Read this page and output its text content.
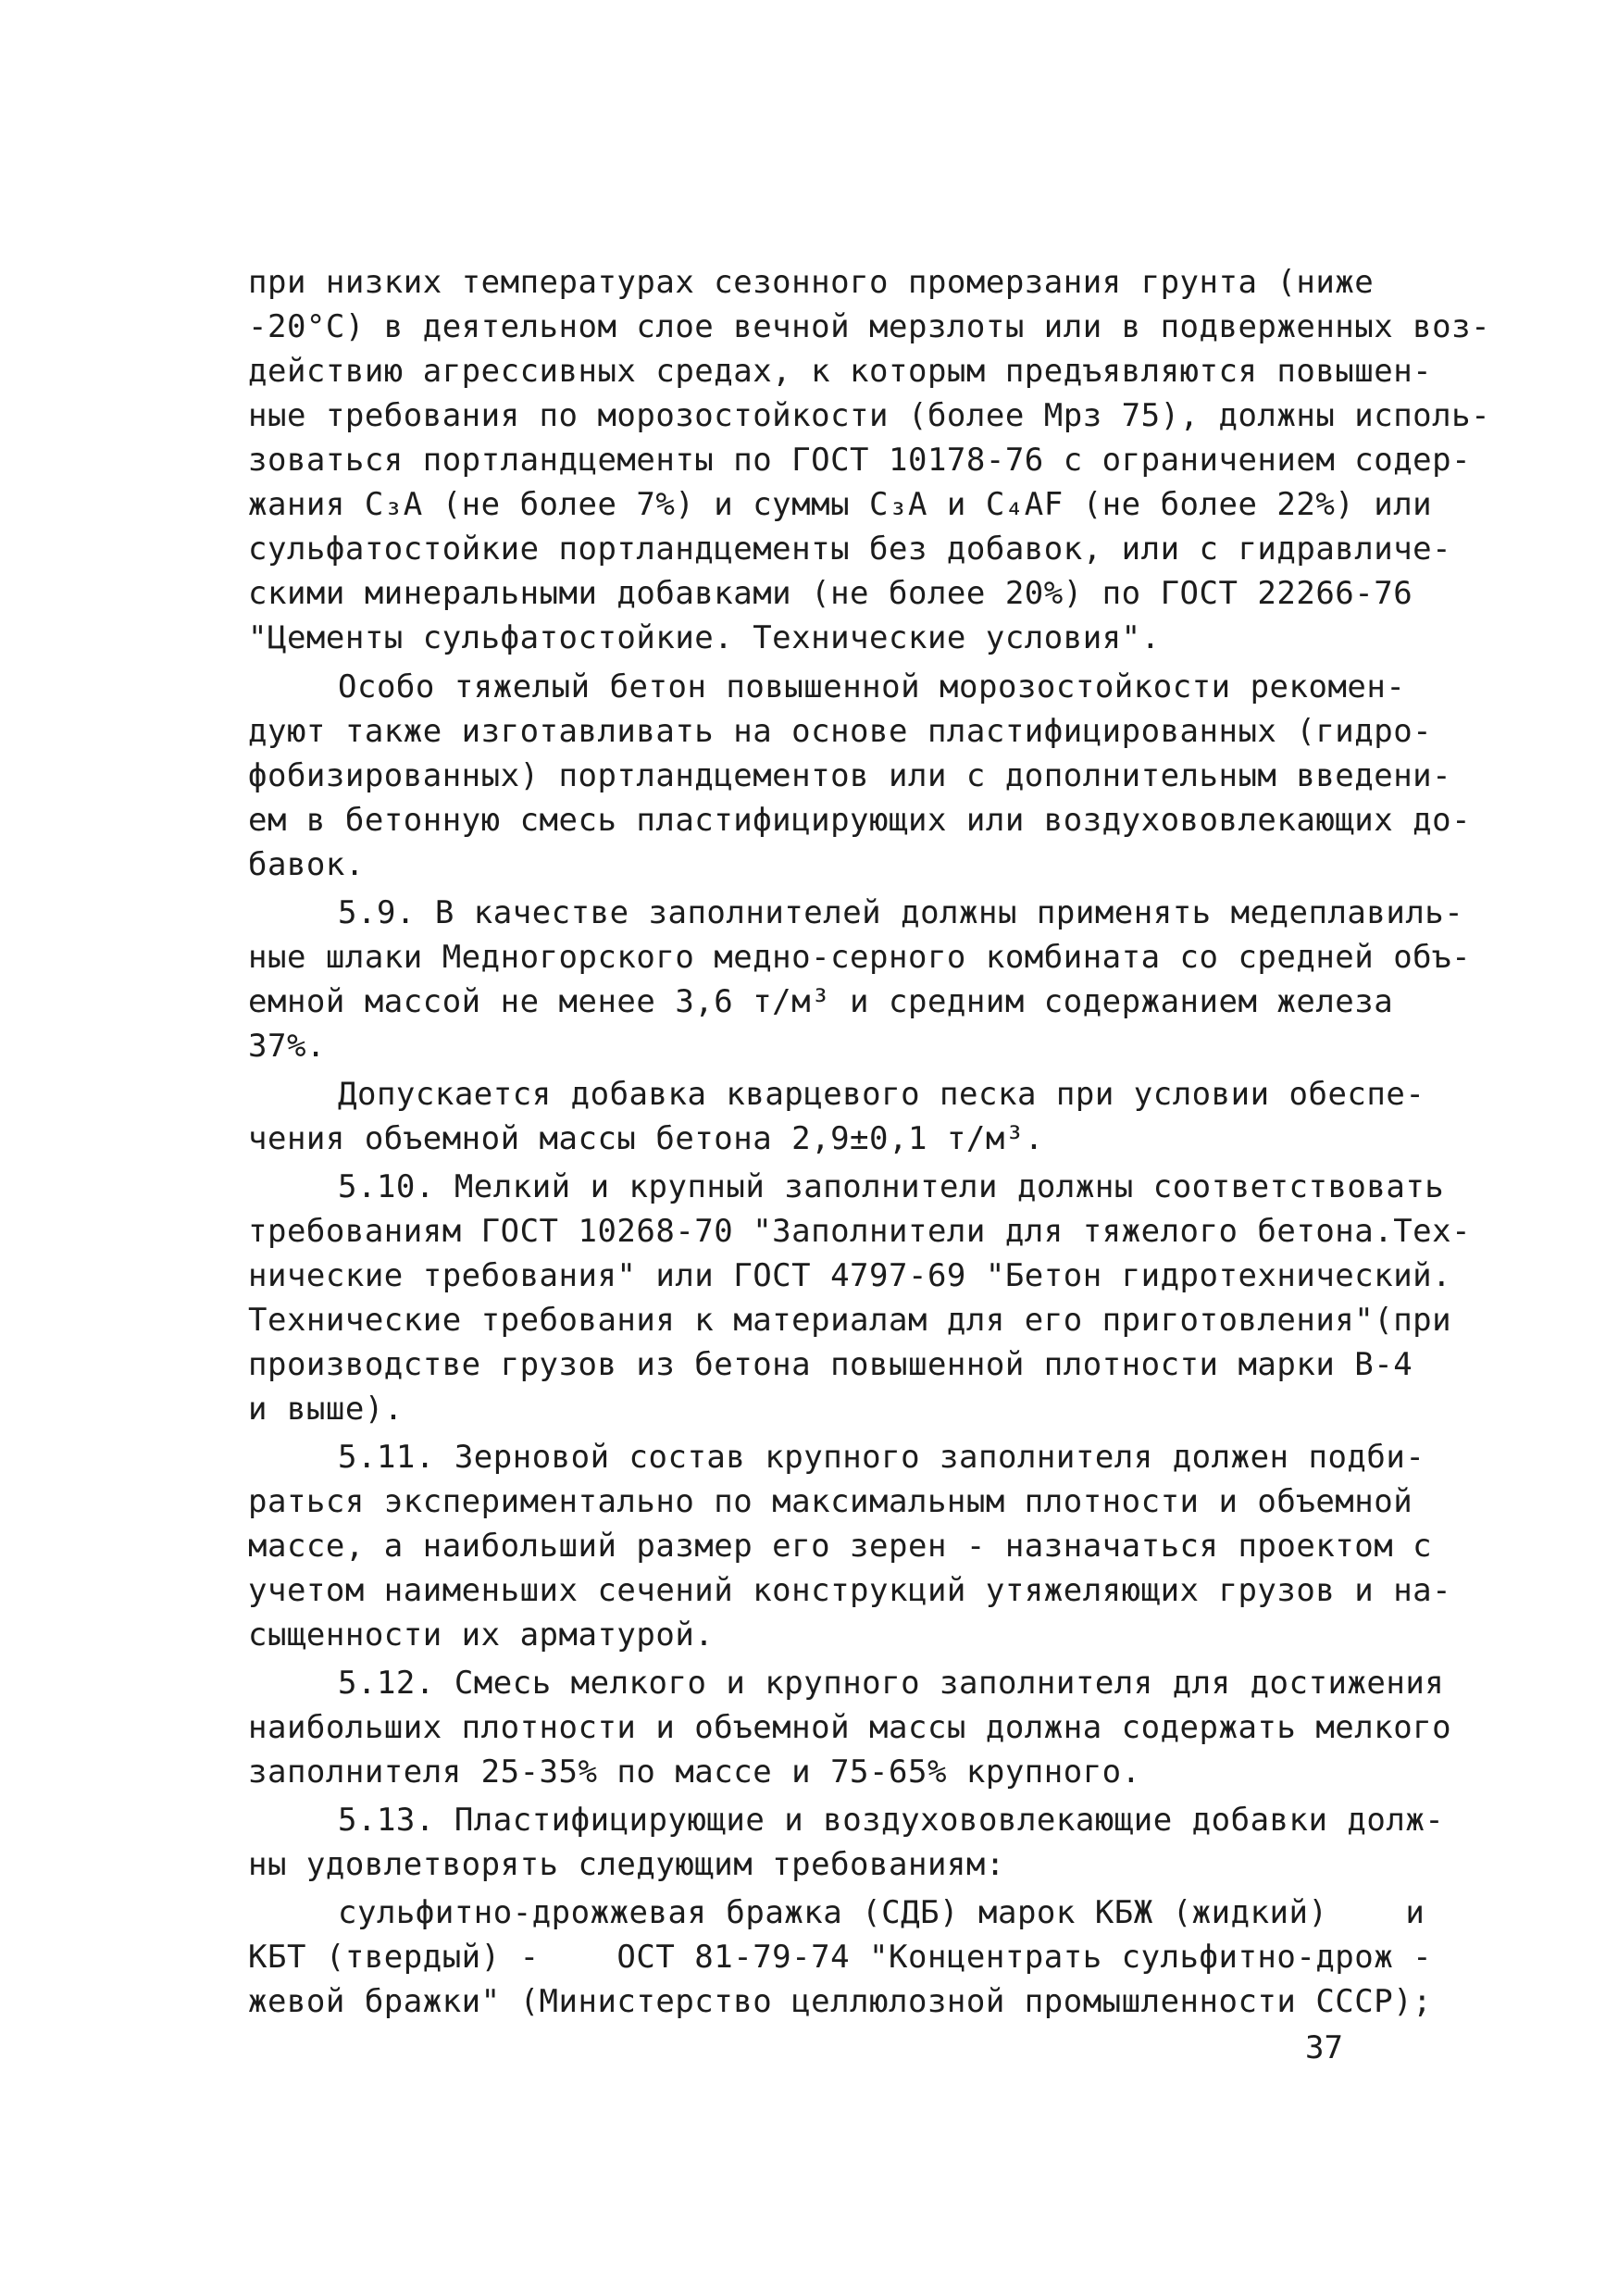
при низких температурах сезонного промерзания грунта (ниже
-20°С) в деятельном слое вечной мерзлоты или в подверженных воз-
действию агрессивных средах, к которым предъявляются повышен-
ные требования по морозостойкости (более Мрз 75), должны исполь-
зоваться портландцементы по ГОСТ 10178-76 с ограничением содер-
жания С₃А (не более 7%) и суммы С₃А и С₄АF (не более 22%) или
сульфатостойкие портландцементы без добавок, или с гидравличе-
скими минеральными добавками (не более 20%) по ГОСТ 22266-76
"Цементы сульфатостойкие. Технические условия".
Особо тяжелый бетон повышенной морозостойкости рекомен-
дуют также изготавливать на основе пластифицированных (гидро-
фобизированных) портландцементов или с дополнительным введени-
ем в бетонную смесь пластифицирующих или воздухововлекающих до-
бавок.
5.9. В качестве заполнителей должны применять медеплавиль-
ные шлаки Медногорского медно-серного комбината со средней объ-
емной массой не менее 3,6 т/м³ и средним содержанием железа
37%.
Допускается добавка кварцевого песка при условии обеспе-
чения объемной массы бетона 2,9±0,1 т/м³.
5.10. Мелкий и крупный заполнители должны соответствовать
требованиям ГОСТ 10268-70 "Заполнители для тяжелого бетона.Тех-
нические требования" или ГОСТ 4797-69 "Бетон гидротехнический.
Технические требования к материалам для его приготовления"(при
производстве грузов из бетона повышенной плотности марки В-4
и выше).
5.11. Зерновой состав крупного заполнителя должен подби-
раться экспериментально по максимальным плотности и объемной
массе, а наибольший размер его зерен - назначаться проектом с
учетом наименьших сечений конструкций утяжеляющих грузов и на-
сыщенности их арматурой.
5.12. Смесь мелкого и крупного заполнителя для достижения
наибольших плотности и объемной массы должна содержать мелкого
заполнителя 25-35% по массе и 75-65% крупного.
5.13. Пластифицирующие и воздухововлекающие добавки долж-
ны удовлетворять следующим требованиям:
сульфитно-дрожжевая бражка (СДБ) марок КБЖ (жидкий)    и
КБТ (твердый) -    ОСТ 81-79-74 "Концентрать сульфитно-дрож -
жевой бражки" (Министерство целлюлозной промышленности СССР);
37
